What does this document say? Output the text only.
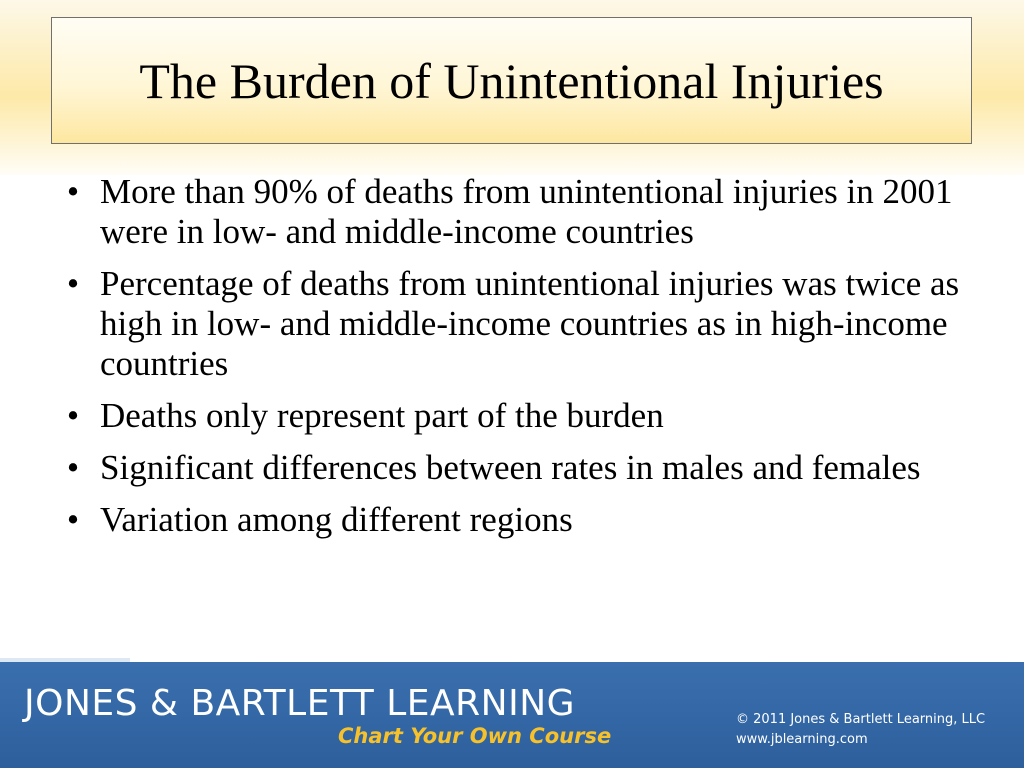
The Burden of Unintentional Injuries
• More than 90% of deaths from unintentional injuries in 2001 were in low- and middle-income countries
• Percentage of deaths from unintentional injuries was twice as high in low- and middle-income countries as in high-income countries
• Deaths only represent part of the burden
• Significant differences between rates in males and females
• Variation among different regions
JONES & BARTLETT LEARNING
Chart Your Own Course
© 2011 Jones & Bartlett Learning, LLC
www.jblearning.com
